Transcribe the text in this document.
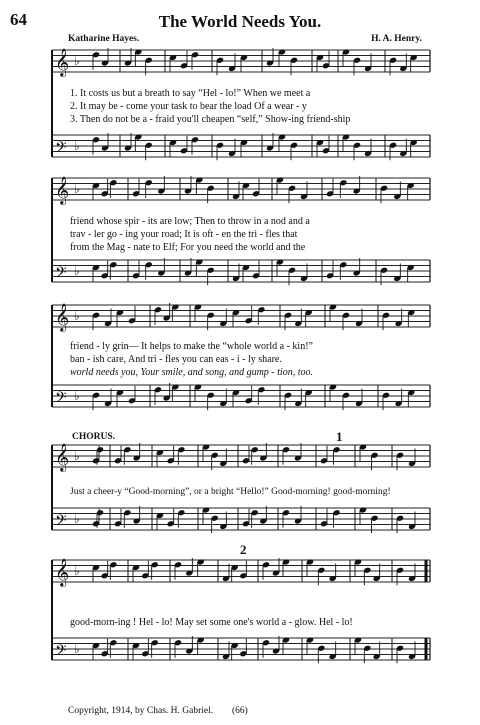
𝄞 ♭
𝄢 ♭
𝄞 ♭
𝄢 ♭
𝄞 ♭
𝄢 ♭
𝄞 ♭
𝄢 ♭
𝄞 ♭
𝄢 ♭
64	The World Needs You.
Katharine Hayes.	H. A. Henry.
1. It costs us but a breath to say “Hel - lo!” When we meet a
2. It may be - come your task to bear the load Of a wear - y
3. Then do not be a - fraid you'll cheapen “self,” Show-ing friend-ship
friend whose spir - its are low; Then to throw in a nod and a
trav - ler go - ing your road; It is oft - en the tri - fles that
from the Mag - nate to Elf; For you need the world and the
friend - ly grin— It helps to make the “whole world a - kin!”
ban - ish care, And tri - fles you can eas - i - ly share.
world needs you, Your smile, and song, and gump - tion, too.
CHORUS.	1
2
Just a cheer-y “Good-morning”, or a bright “Hello!” Good-morning! good-morning!
good-morn-ing ! Hel - lo! May set some one's world a - glow. Hel - lo!
Copyright, 1914, by Chas. H. Gabriel. (66)
